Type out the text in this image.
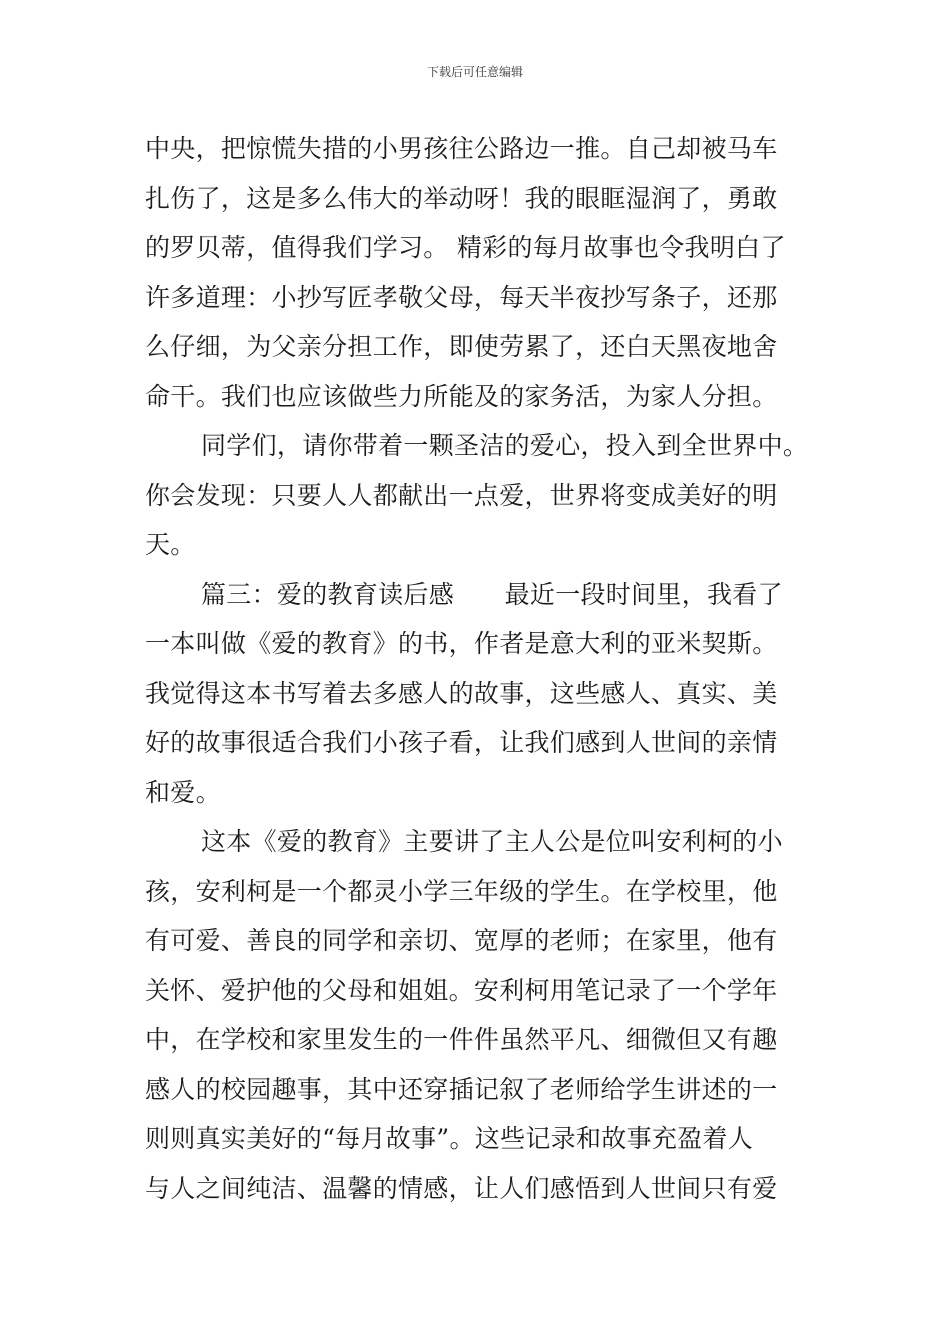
下载后可任意编辑
中央，把惊慌失措的小男孩往公路边一推。自己却被马车
扎伤了，这是多么伟大的举动呀！我的眼眶湿润了，勇敢
的罗贝蒂，值得我们学习。 精彩的每月故事也令我明白了
许多道理：小抄写匠孝敬父母，每天半夜抄写条子，还那
么仔细，为父亲分担工作，即使劳累了，还白天黑夜地舍
命干。我们也应该做些力所能及的家务活，为家人分担。
同学们，请你带着一颗圣洁的爱心，投入到全世界中。
你会发现：只要人人都献出一点爱，世界将变成美好的明
天。
篇三：爱的教育读后感　　最近一段时间里，我看了
一本叫做《爱的教育》的书，作者是意大利的亚米契斯。
我觉得这本书写着去多感人的故事，这些感人、真实、美
好的故事很适合我们小孩子看，让我们感到人世间的亲情
和爱。
这本《爱的教育》主要讲了主人公是位叫安利柯的小
孩，安利柯是一个都灵小学三年级的学生。在学校里，他
有可爱、善良的同学和亲切、宽厚的老师；在家里，他有
关怀、爱护他的父母和姐姐。安利柯用笔记录了一个学年
中，在学校和家里发生的一件件虽然平凡、细微但又有趣
感人的校园趣事，其中还穿插记叙了老师给学生讲述的一
则则真实美好的“每月故事”。这些记录和故事充盈着人
与人之间纯洁、温馨的情感，让人们感悟到人世间只有爱
